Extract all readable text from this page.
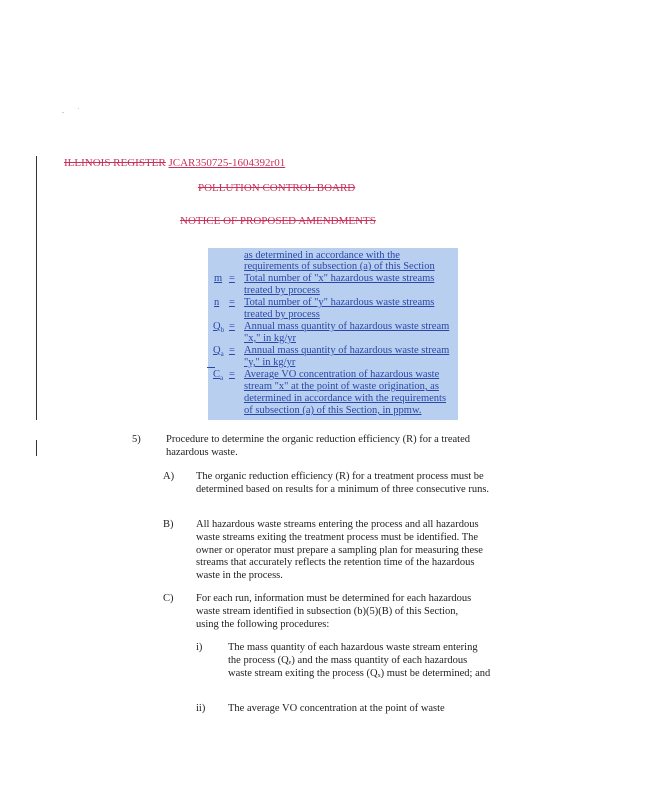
ILLINOIS REGISTER JCAR350725-1604392r01
POLLUTION CONTROL BOARD
NOTICE OF PROPOSED AMENDMENTS
as determined in accordance with the
requirements of subsection (a) of this Section
m = Total number of "x" hazardous waste streams
treated by process
n = Total number of "y" hazardous waste streams
treated by process
$Q_b$ = Annual mass quantity of hazardous waste stream
"x," in kg/yr
$Q_a$ = Annual mass quantity of hazardous waste stream
"y," in kg/yr
$C_a$ = Average VO concentration of hazardous waste
stream "x" at the point of waste origination, as
determined in accordance with the requirements
of subsection (a) of this Section, in ppmw.
5) Procedure to determine the organic reduction efficiency (R) for a treated hazardous waste.
A) The organic reduction efficiency (R) for a treatment process must be determined based on results for a minimum of three consecutive runs.
B) All hazardous waste streams entering the process and all hazardous waste streams exiting the treatment process must be identified. The owner or operator must prepare a sampling plan for measuring these streams that accurately reflects the retention time of the hazardous waste in the process.
C) For each run, information must be determined for each hazardous waste stream identified in subsection (b)(5)(B) of this Section, using the following procedures:
i) The mass quantity of each hazardous waste stream entering the process (Qₑ) and the mass quantity of each hazardous waste stream exiting the process (Qₓ) must be determined; and
ii) The average VO concentration at the point of waste
